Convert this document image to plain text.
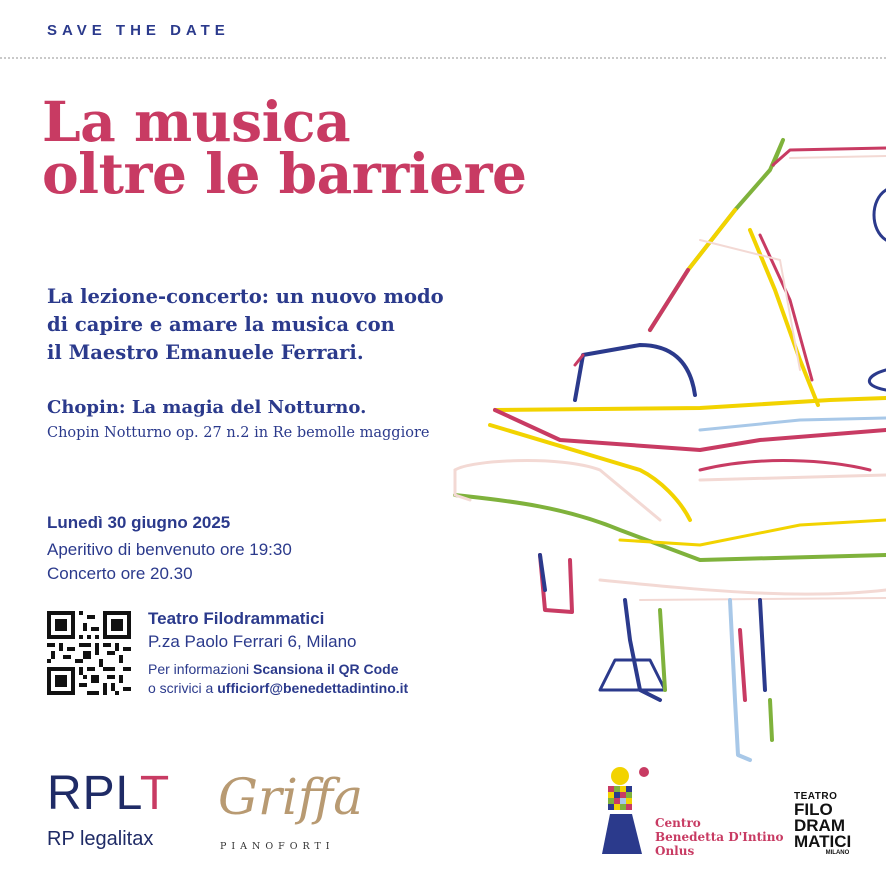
SAVE THE DATE
La musica
oltre le barriere
La lezione-concerto: un nuovo modo
di capire e amare la musica con
il Maestro Emanuele Ferrari.
Chopin: La magia del Notturno.
Chopin Notturno op. 27 n.2 in Re bemolle maggiore
Lunedì 30 giugno 2025
Aperitivo di benvenuto ore 19:30
Concerto ore 20.30
Teatro Filodrammatici
P.za Paolo Ferrari 6, Milano
Per informazioni Scansiona il QR Code
o scrivici a ufficiorf@benedettadintino.it
RPLT
RP legalitax
Griffa
PIANOFORTI
Centro
Benedetta D'Intino
Onlus
TEATRO
FILO
DRAM
MATICI
MILANO
